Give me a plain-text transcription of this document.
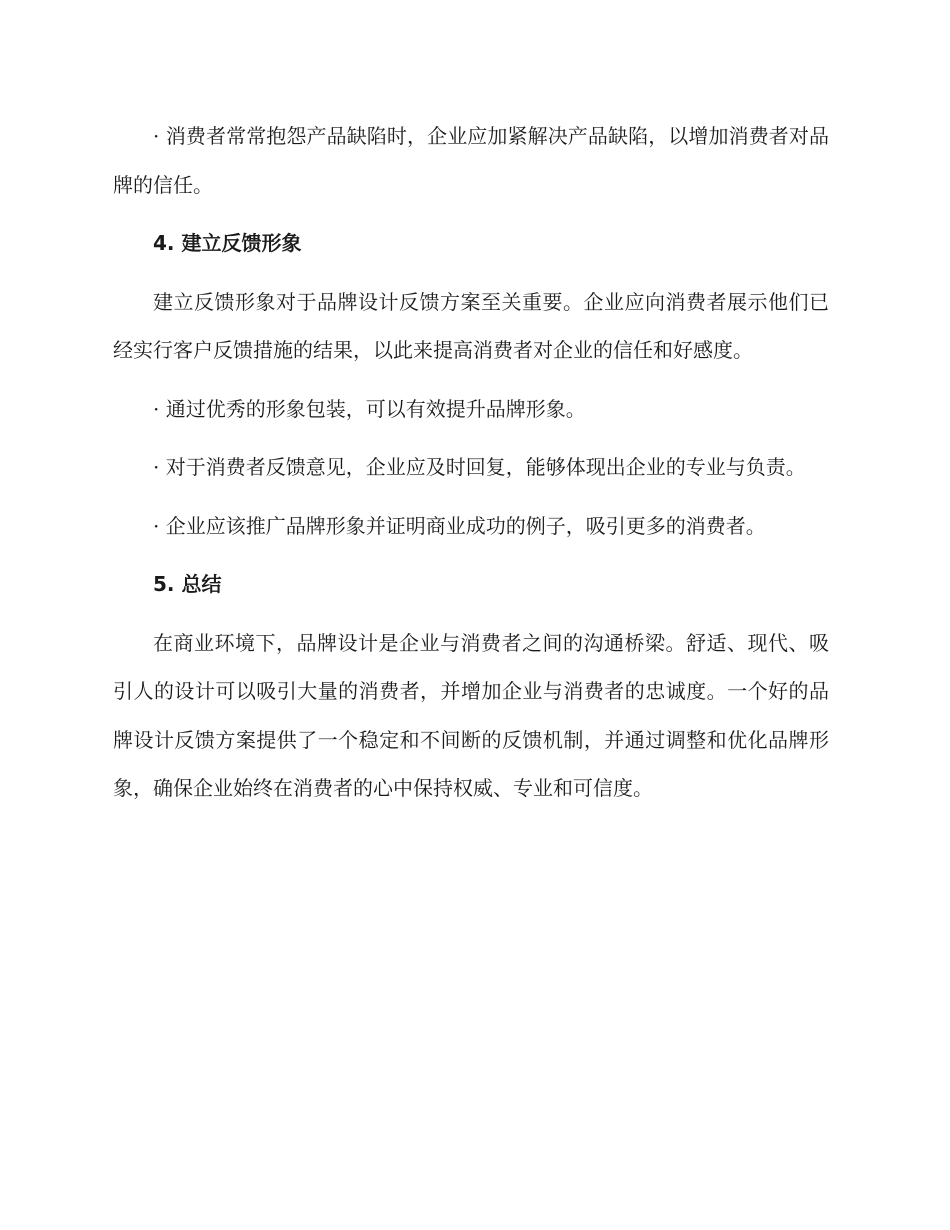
· 消费者常常抱怨产品缺陷时，企业应加紧解决产品缺陷，以增加消费者对品牌的信任。

4. 建立反馈形象

建立反馈形象对于品牌设计反馈方案至关重要。企业应向消费者展示他们已经实行客户反馈措施的结果，以此来提高消费者对企业的信任和好感度。

· 通过优秀的形象包装，可以有效提升品牌形象。

· 对于消费者反馈意见，企业应及时回复，能够体现出企业的专业与负责。

· 企业应该推广品牌形象并证明商业成功的例子，吸引更多的消费者。

5. 总结

在商业环境下，品牌设计是企业与消费者之间的沟通桥梁。舒适、现代、吸引人的设计可以吸引大量的消费者，并增加企业与消费者的忠诚度。一个好的品牌设计反馈方案提供了一个稳定和不间断的反馈机制，并通过调整和优化品牌形象，确保企业始终在消费者的心中保持权威、专业和可信度。
